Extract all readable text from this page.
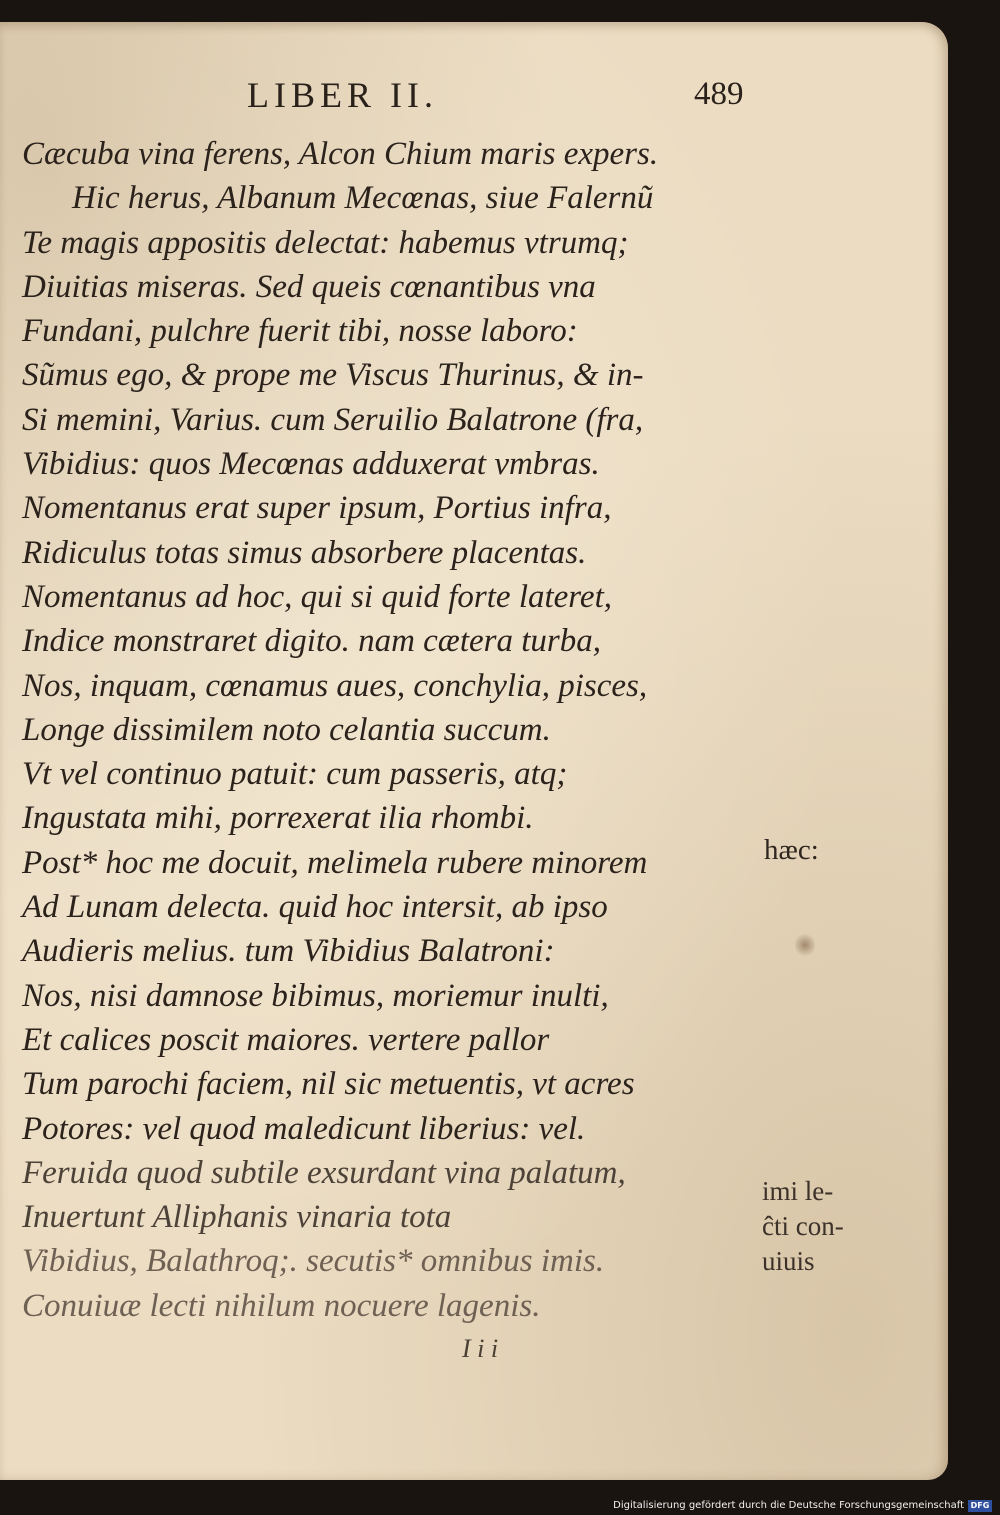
LIBER II.	489
Cæcuba vina ferens, Alcon Chium maris expers.
Hic herus, Albanum Mecœnas, siue Falernũ
Te magis appositis delectat: habemus vtrumq;
Diuitias miseras. Sed queis cœnantibus vna
Fundani, pulchre fuerit tibi, nosse laboro:
Sũmus ego, & prope me Viscus Thurinus, & in-
Si memini, Varius. cum Seruilio Balatrone (fra,
Vibidius: quos Mecœnas adduxerat vmbras.
Nomentanus erat super ipsum, Portius infra,
Ridiculus totas simus absorbere placentas.
Nomentanus ad hoc, qui si quid forte lateret,
Indice monstraret digito. nam cætera turba,
Nos, inquam, cœnamus aues, conchylia, pisces,
Longe dissimilem noto celantia succum.
Vt vel continuo patuit: cum passeris, atq;
Ingustata mihi, porrexerat ilia rhombi.
Post* hoc me docuit, melimela rubere minorem
Ad Lunam delecta. quid hoc intersit, ab ipso
Audieris melius. tum Vibidius Balatroni:
Nos, nisi damnose bibimus, moriemur inulti,
Et calices poscit maiores. vertere pallor
Tum parochi faciem, nil sic metuentis, vt acres
Potores: vel quod maledicunt liberius: vel.
Feruida quod subtile exsurdant vina palatum,
Inuertunt Alliphanis vinaria tota
Vibidius, Balathroq;. secutis* omnibus imis.
Conuiuæ lecti nihilum nocuere lagenis.
I i i
hæc:
imi le-
ĉti con-
uiuis
Digitalisierung gefördert durch die Deutsche Forschungsgemeinschaft DFG
